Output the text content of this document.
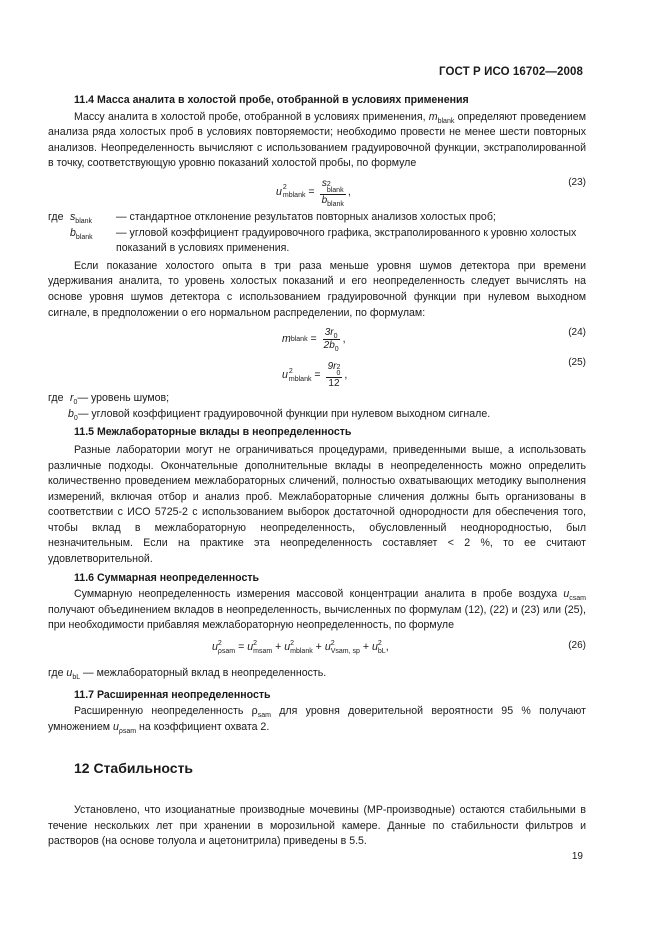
ГОСТ Р ИСО 16702—2008
11.4 Масса аналита в холостой пробе, отобранной в условиях применения

Массу аналита в холостой пробе, отобранной в условиях применения, $m_{blank}$ определяют проведением анализа ряда холостых проб в условиях повторяемости; необходимо провести не менее шести повторных анализов. Неопределенность вычисляют с использованием градуировочной функции, экстраполированной в точку, соответствующую уровню показаний холостой пробы, по формуле

u 2
mblank = s 2
blank
$b_{blank}$ ,
(23)
где $s_{blank}$	— стандартное отклонение результатов повторных анализов холостых проб;
$b_{blank}$	— угловой коэффициент градуировочного графика, экстраполированного к уровню холостых показаний в условиях применения.

Если показание холостого опыта в три раза меньше уровня шумов детектора при времени удерживания аналита, то уровень холостых показаний и его неопределенность следует вычислять на основе уровня шумов детектора с использованием градуировочной функции при нулевом выходном сигнале, в предположении о его нормальном распределении, по формулам:

m blank = $\frac{3r_0}{2b_0}$ ,
(24)
u 2
mblank = 9r 2
0
12 ,
(25)
где $r_0$ — уровень шумов;
$b_0$ — угловой коэффициент градуировочной функции при нулевом выходном сигнале.
11.5 Межлабораторные вклады в неопределенность

Разные лаборатории могут не ограничиваться процедурами, приведенными выше, а использовать различные подходы. Окончательные дополнительные вклады в неопределенность можно определить количественно проведением межлабораторных сличений, полностью охватывающих методику выполнения измерений, включая отбор и анализ проб. Межлабораторные сличения должны быть организованы в соответствии с ИСО 5725-2 с использованием выборок достаточной однородности для обеспечения того, чтобы вклад в межлабораторную неопределенность, обусловленный неоднородностью, был незначительным. Если на практике эта неопределенность составляет < 2 %, то ее считают удовлетворительной.

11.6 Суммарная неопределенность

Суммарную неопределенность измерения массовой концентрации аналита в пробе воздуха $u_{csam}$ получают объединением вкладов в неопределенность, вычисленных по формулам (12), (22) и (23) или (25), при необходимости прибавляя межлабораторную неопределенность, по формуле

u 2
ρsam = u 2
msam + u 2
mblank + u 2
Vsam, sp + u 2
bL ,	(26)

где $u_{bL}$ — межлабораторный вклад в неопределенность.

11.7 Расширенная неопределенность

Расширенную неопределенность $\rho_{sam}$ для уровня доверительной вероятности 95 % получают умножением $u_{\rho sam}$ на коэффициент охвата 2.

12 Стабильность

Установлено, что изоцианатные производные мочевины (МР-производные) остаются стабильными в течение нескольких лет при хранении в морозильной камере. Данные по стабильности фильтров и растворов (на основе толуола и ацетонитрила) приведены в 5.5.

19
